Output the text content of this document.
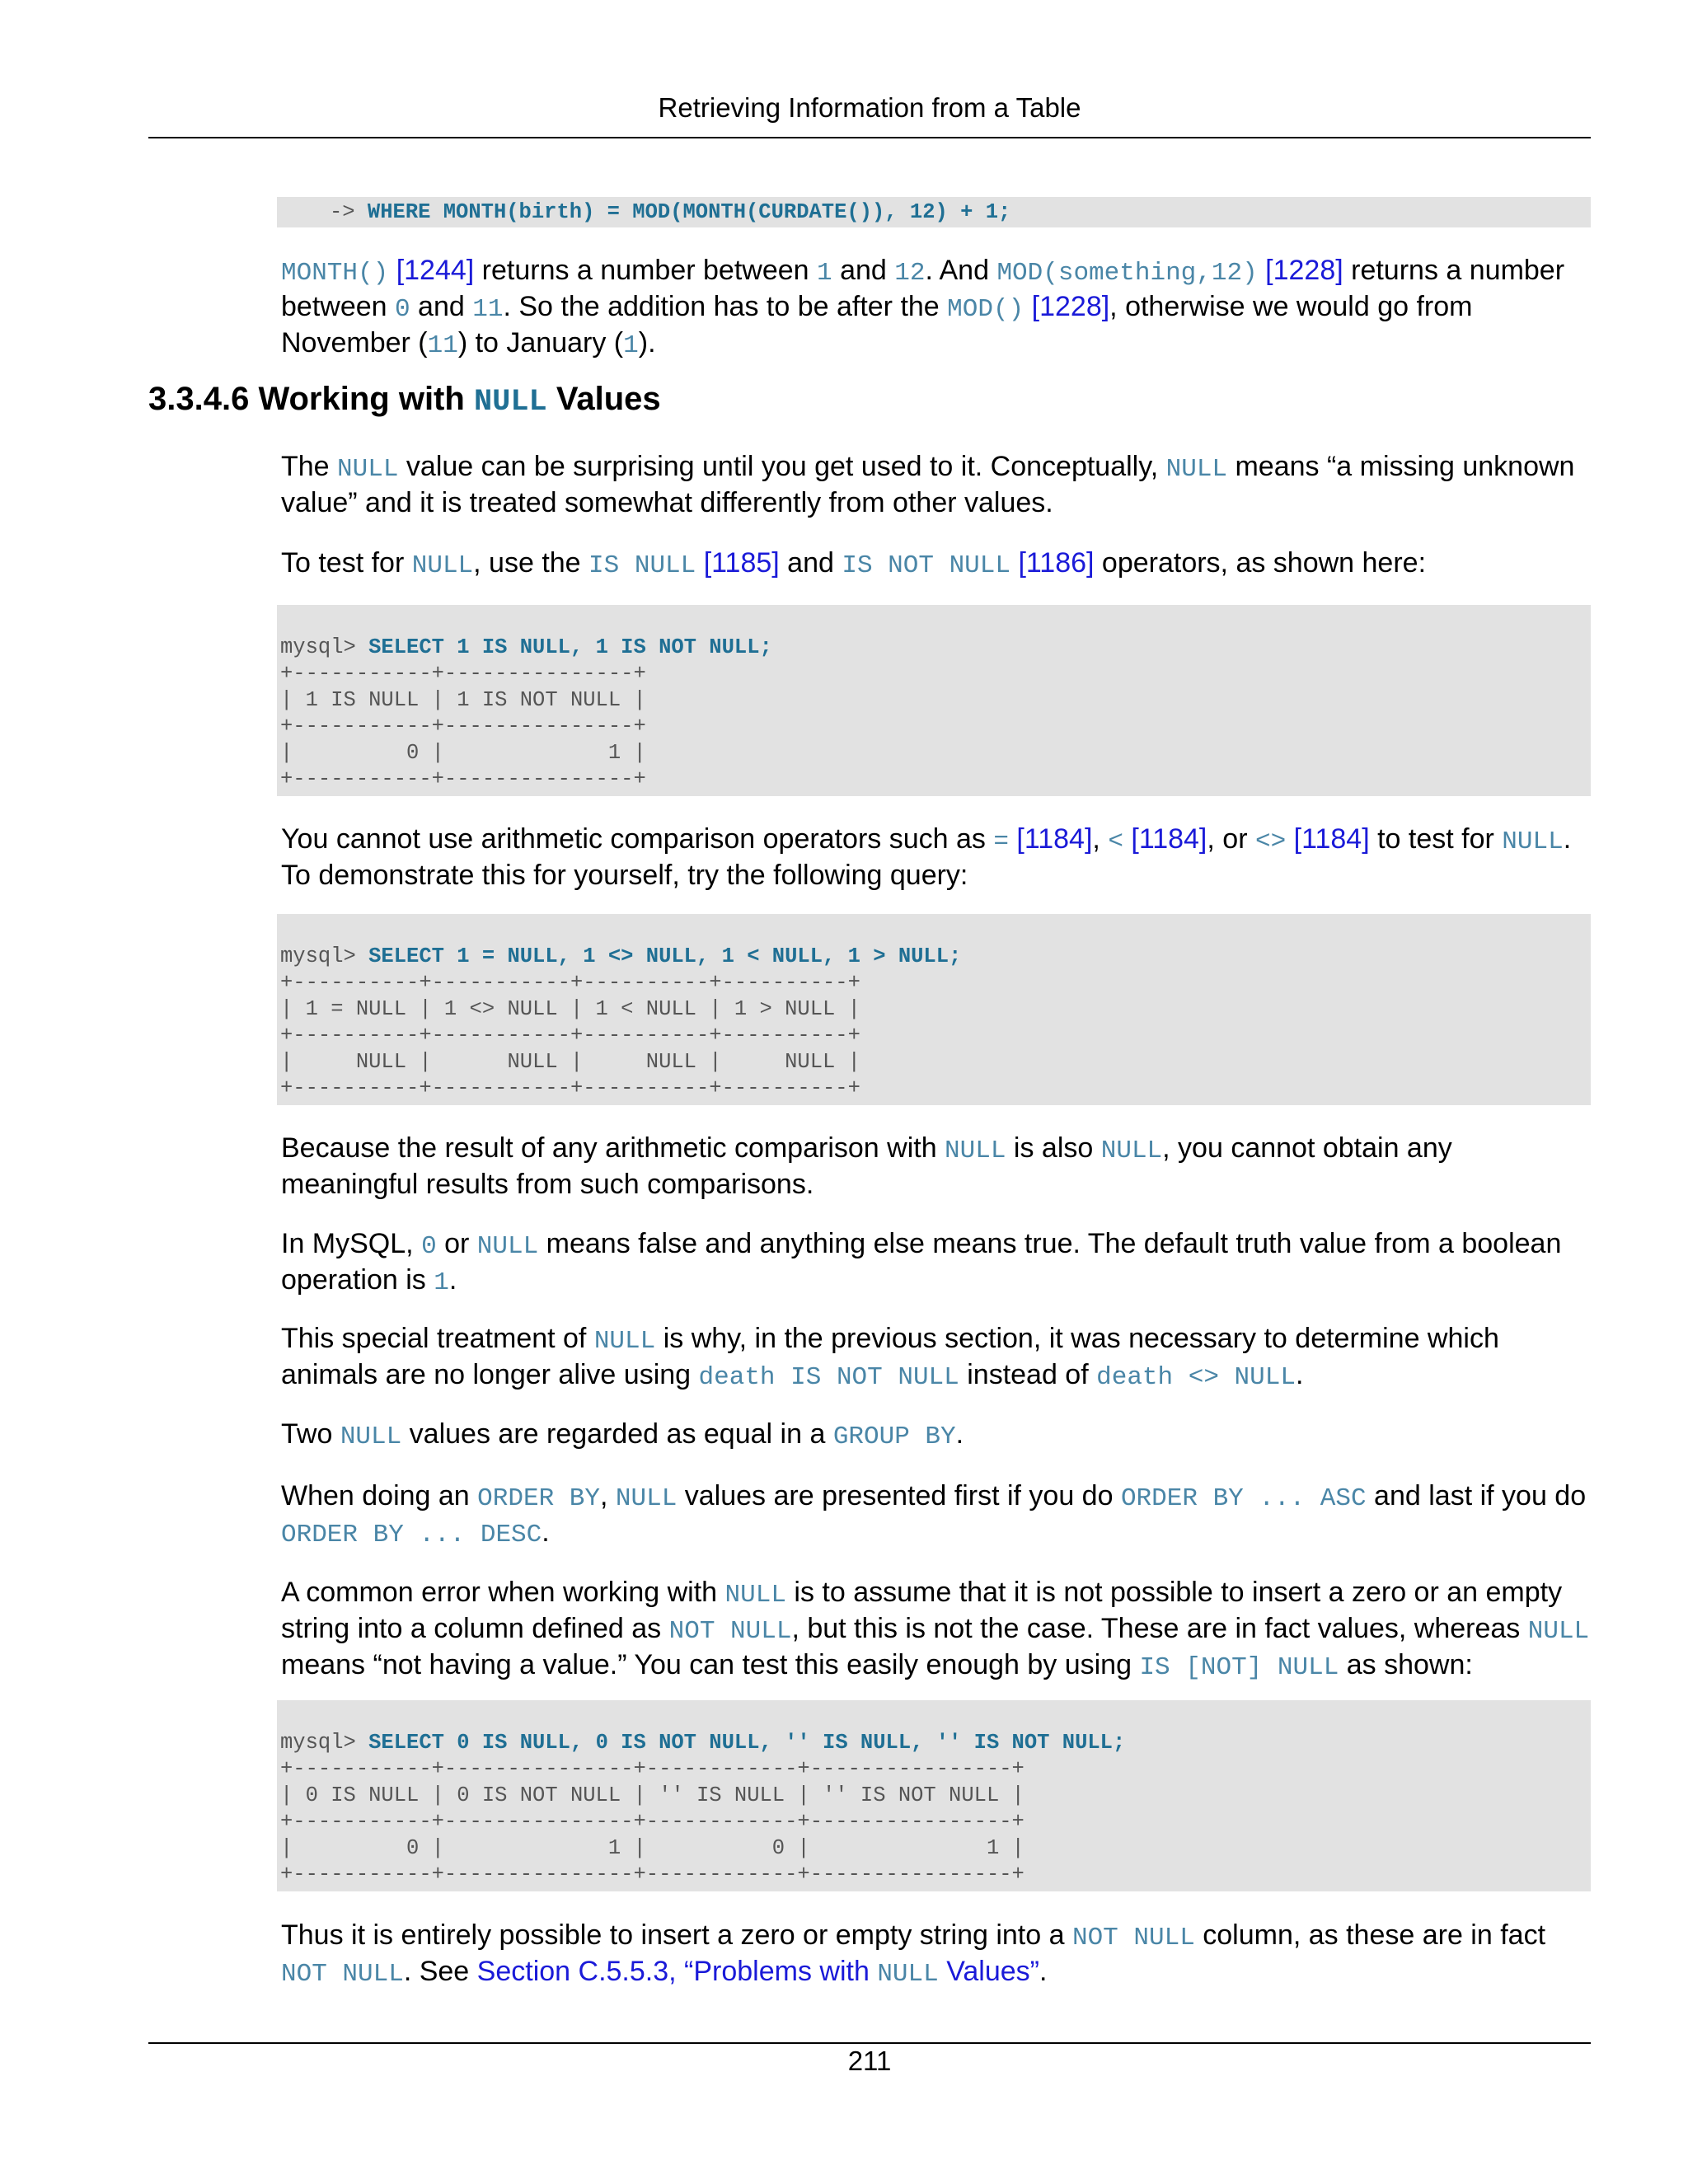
Retrieving Information from a Table
-> WHERE MONTH(birth) = MOD(MONTH(CURDATE()), 12) + 1;

MONTH() [1244] returns a number between 1 and 12. And MOD(something,12) [1228] returns a number between 0 and 11. So the addition has to be after the MOD() [1228], otherwise we would go from November (11) to January (1).

3.3.4.6 Working with NULL Values

The NULL value can be surprising until you get used to it. Conceptually, NULL means “a missing unknown value” and it is treated somewhat differently from other values.

To test for NULL, use the IS NULL [1185] and IS NOT NULL [1186] operators, as shown here:

mysql> SELECT 1 IS NULL, 1 IS NOT NULL;
+-----------+---------------+
| 1 IS NULL | 1 IS NOT NULL |
+-----------+---------------+
|         0 |             1 |
+-----------+---------------+

You cannot use arithmetic comparison operators such as = [1184], < [1184], or <> [1184] to test for NULL. To demonstrate this for yourself, try the following query:

mysql> SELECT 1 = NULL, 1 <> NULL, 1 < NULL, 1 > NULL;
+----------+-----------+----------+----------+
| 1 = NULL | 1 <> NULL | 1 < NULL | 1 > NULL |
+----------+-----------+----------+----------+
|     NULL |      NULL |     NULL |     NULL |
+----------+-----------+----------+----------+

Because the result of any arithmetic comparison with NULL is also NULL, you cannot obtain any meaningful results from such comparisons.

In MySQL, 0 or NULL means false and anything else means true. The default truth value from a boolean operation is 1.

This special treatment of NULL is why, in the previous section, it was necessary to determine which animals are no longer alive using death IS NOT NULL instead of death <> NULL.

Two NULL values are regarded as equal in a GROUP BY.

When doing an ORDER BY, NULL values are presented first if you do ORDER BY ... ASC and last if you do ORDER BY ... DESC.

A common error when working with NULL is to assume that it is not possible to insert a zero or an empty string into a column defined as NOT NULL, but this is not the case. These are in fact values, whereas NULL means “not having a value.” You can test this easily enough by using IS [NOT] NULL as shown:

mysql> SELECT 0 IS NULL, 0 IS NOT NULL, '' IS NULL, '' IS NOT NULL;
+-----------+---------------+------------+----------------+
| 0 IS NULL | 0 IS NOT NULL | '' IS NULL | '' IS NOT NULL |
+-----------+---------------+------------+----------------+
|         0 |             1 |          0 |              1 |
+-----------+---------------+------------+----------------+

Thus it is entirely possible to insert a zero or empty string into a NOT NULL column, as these are in fact NOT NULL. See Section C.5.5.3, “Problems with NULL Values”.

211
